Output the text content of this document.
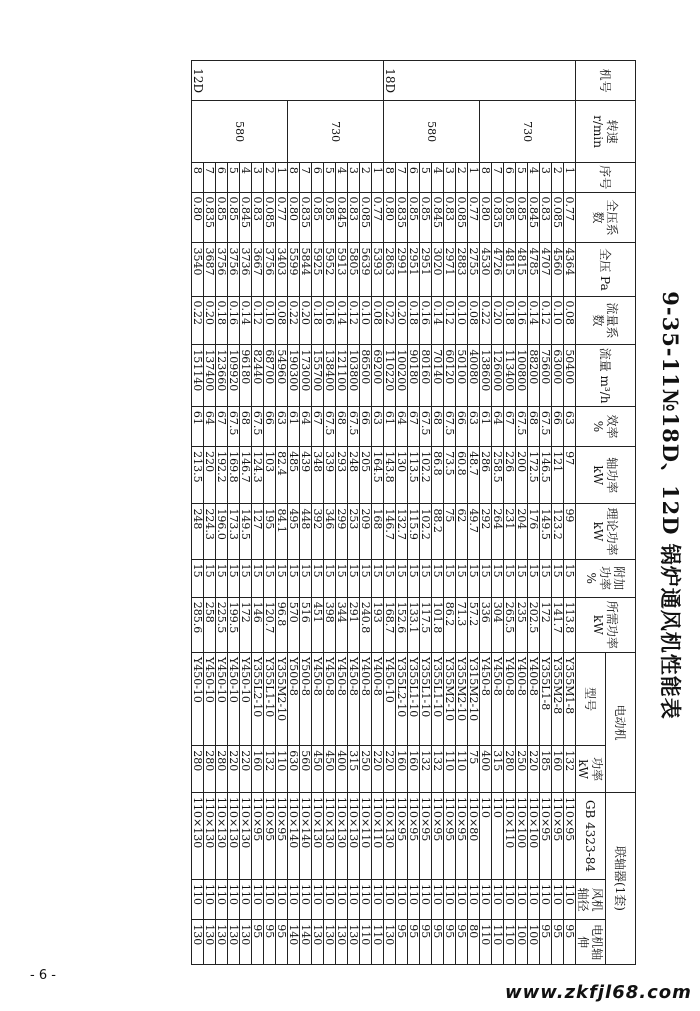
9-35-11№18D、12D 锅炉通风机性能表
机号	转速 r/min	序号	全压系数	全压 Pa	流量系数	流量 m³/h	效率 %	轴功率 kW	理论功率 kW	附加功率 %	所需功率 kW	电动机		联轴器(1套)		
												型号	功率 kW	GB 4323-84	风机轴径	电机轴伸
18D	730	1	0.77	4364	0.08	50400	63	97	99	15	113.8	Y355M1-8	132	110×95	110	95
		2	0.085	4560	0.10	63000	66	121	123.2	15	141.7	Y355M2-8	160	110×95	110	95
		3	0.83	4707	0.12	75600	67.5	146.5	149.5	15	172	Y355L1-8	185	110×95	110	95
		4	0.845	4785	0.14	88200	68	172.5	176	15	202.5	Y400-8	220	110×100	110	100
		5	0.85	4815	0.16	100800	67.5	200	204	15	235	Y400-8	250	110×100	110	100
		6	0.85	4815	0.18	113400	67	226	231	15	265.5	Y400-8	280	110×110	110	110
		7	0.835	4726	0.20	126000	64	258.5	264	15	304	Y450-8	315	110	110	110
		8	0.80	4530	0.22	138600	61	286	292	15	336	Y450-8	400	110	110	110
	580	1	0.77	2755	0.08	40080	63	48.7	49.7	15	57.2	Y315M2-10	75	110×80	110	80
		2	0.085	2883	0.10	50100	66	60.8	62	15	71.3	Y355M2-10	110	110×95	110	95
		3	0.83	2971	0.12	60120	67.5	73.5	75	15	86.2	Y355M2-10	110	110×95	110	95
		4	0.845	3020	0.14	70140	68	86.8	88.2	15	101.8	Y355L1-10	132	110×95	110	95
		5	0.85	2951	0.16	80160	67.5	102.2	102.2	15	117.5	Y355L1-10	132	110×95	110	95
		6	0.85	2951	0.18	90180	67	113.5	115.9	15	133.1	Y355L1-10	160	110×95	110	95
		7	0.835	2991	0.20	100200	64	130	132.7	15	152.6	Y355L2-10	160	110×95	110	95
		8	0.80	2863	0.22	110220	61	143.8	146.7	15	168.7	Y450-10	220	110×130	110	130
12D	730	1	0.77	5393	0.08	69200	63	164.5	168	15	193	Y400-8	220	110×110	110	110
		2	0.085	5639	0.10	86500	66	205	209	15	240.8	Y400-8	250	110×110	110	110
		3	0.83	5805	0.12	103800	67.5	248	253	15	291	Y450-8	315	110×130	110	130
		4	0.845	5913	0.14	121100	68	293	299	15	344	Y450-8	400	110×130	110	130
		5	0.85	5952	0.16	138400	67.5	339	346	15	398	Y450-8	450	110×130	110	130
		6	0.85	5925	0.18	155700	67	348	392	15	451	Y450-8	450	110×130	110	130
		7	0.835	5844	0.20	173000	64	439	448	15	516	Y500-8	560	110×140	110	140
		8	0.80	5599	0.22	190300	61	485	495	15	570	Y500-8	630	110×140	110	140
	580	1	0.77	3403	0.08	54960	63	82.4	84.1	15	96.8	Y355M2-10	110	110×95	110	95
		2	0.085	3756	0.10	68700	66	103	195	15	120.7	Y355L1-10	132	110×95	110	95
		3	0.83	3667	0.12	82440	67.5	124.3	127	15	146	Y355L2-10	160	110×95	110	95
		4	0.845	3736	0.14	96180	68	146.7	149.5	15	172	Y450-10	220	110×130	110	130
		5	0.85	3756	0.16	109920	67.5	169.8	173.3	15	199.5	Y450-10	220	110×130	110	130
		6	0.85	3756	0.18	123660	67	192.2	196.0	15	225.5	Y450-10	280	110×130	110	130
		7	0.835	3687	0.20	137400	64	220	224.3	15	258	Y450-10	280	110×130	110	130
		8	0.80	3540	0.22	151140	61	213.5	248	15	285.6	Y450-10	280	110×130	110	130
- 6 -
www.zkfjl68.com
